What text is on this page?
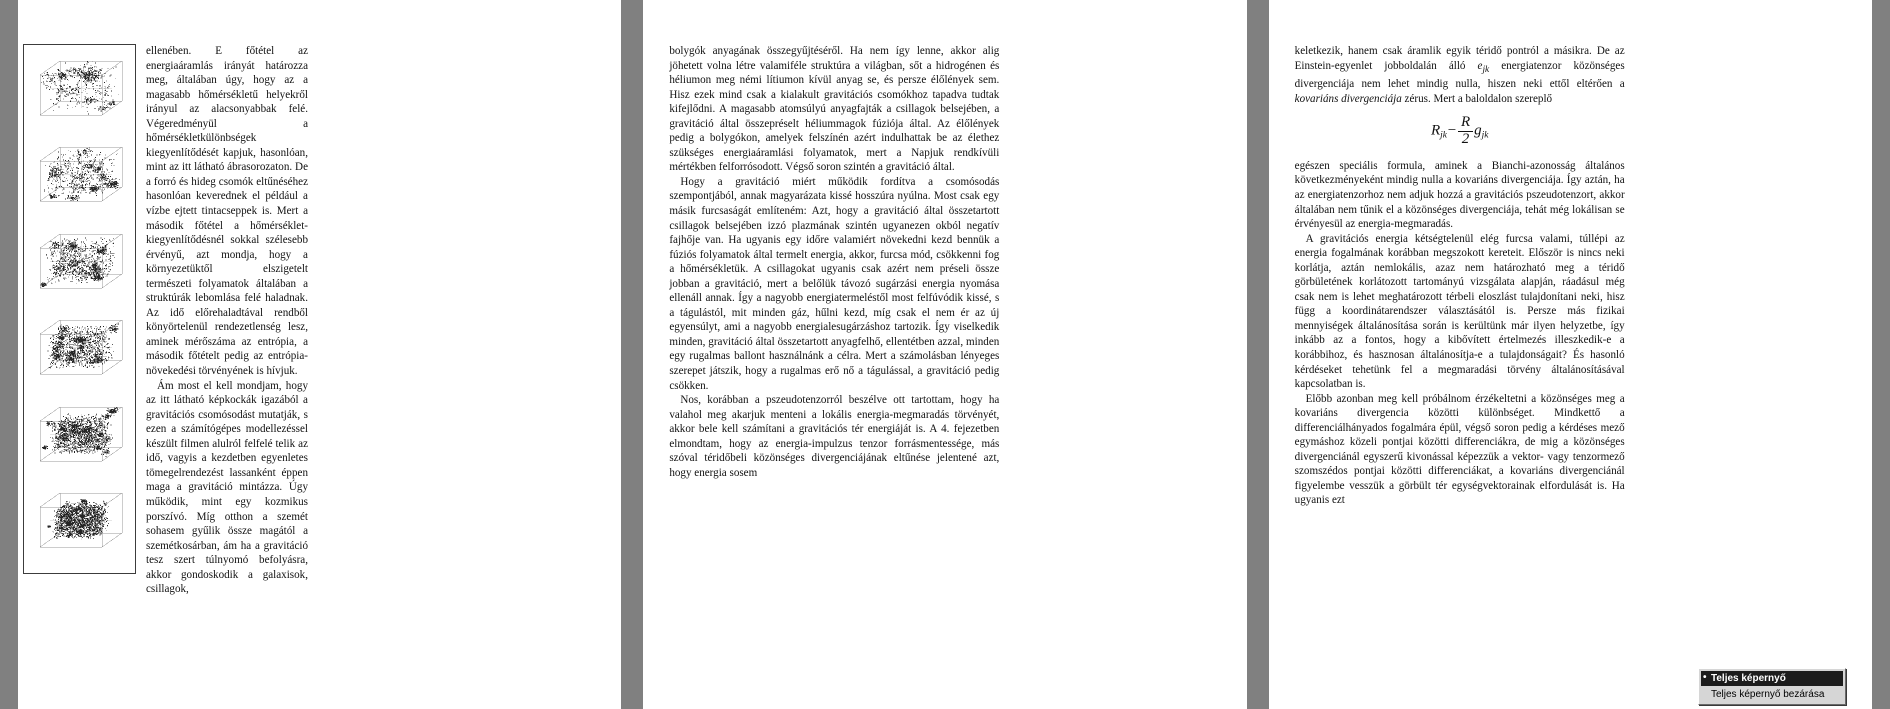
ellenében. E főtétel az energiaáramlás irányát határozza meg, általában úgy, hogy az a magasabb hőmérsékletű helyekről irányul az alacsonyabbak felé. Végeredményül a hőmérsékletkülönbségek kiegyenlítődését kapjuk, hasonlóan, mint az itt látható ábrasorozaton. De a forró és hideg csomók eltűnéséhez hasonlóan keverednek el például a vízbe ejtett tintacseppek is. Mert a második főtétel a hőmérséklet-kiegyenlítődésnél sokkal szélesebb érvényű, azt mondja, hogy a környezetüktől elszigetelt természeti folyamatok általában a struktúrák lebomlása felé haladnak. Az idő előrehaladtával rendből könyörtelenül rendezetlenség lesz, aminek mérőszáma az entrópia, a második főtételt pedig az entrópia-növekedési törvényének is hívjuk.

Ám most el kell mondjam, hogy az itt látható képkockák igazából a gravitációs csomósodást mutatják, s ezen a számítógépes modellezéssel készült filmen alulról felfelé telik az idő, vagyis a kezdetben egyenletes tömegelrendezést lassanként éppen maga a gravitáció mintázza. Úgy működik, mint egy kozmikus porszívó. Míg otthon a szemét sohasem gyűlik össze magától a szemétkosárban, ám ha a gravitáció tesz szert túlnyomó befolyásra, akkor gondoskodik a galaxisok, csillagok,

bolygók anyagának összegyűjtéséről. Ha nem így lenne, akkor alig jöhetett volna létre valamiféle struktúra a világban, sőt a hidrogénen és héliumon meg némi lítiumon kívül anyag se, és persze élőlények sem. Hisz ezek mind csak a kialakult gravitációs csomókhoz tapadva tudtak kifejlődni. A magasabb atomsúlyú anyagfajták a csillagok belsejében, a gravitáció által összepréselt héliummagok fúziója által. Az élőlények pedig a bolygókon, amelyek felszínén azért indulhattak be az élethez szükséges energiaáramlási folyamatok, mert a Napjuk rendkívüli mértékben felforrósodott. Végső soron szintén a gravitáció által.

Hogy a gravitáció miért működik fordítva a csomósodás szempontjából, annak magyarázata kissé hosszúra nyúlna. Most csak egy másik furcsaságát említeném: Azt, hogy a gravitáció által összetartott csillagok belsejében izzó plazmának szintén ugyanezen okból negatív fajhője van. Ha ugyanis egy időre valamiért növekedni kezd bennük a fúziós folyamatok által termelt energia, akkor, furcsa mód, csökkenni fog a hőmérsékletük. A csillagokat ugyanis csak azért nem préseli össze jobban a gravitáció, mert a belőlük távozó sugárzási energia nyomása ellenáll annak. Így a nagyobb energiatermeléstől most felfúvódik kissé, s a tágulástól, mit minden gáz, hűlni kezd, míg csak el nem ér az új egyensúlyt, ami a nagyobb energialesugárzáshoz tartozik. Így viselkedik minden, gravitáció által összetartott anyagfelhő, ellentétben azzal, minden egy rugalmas ballont használnánk a célra. Mert a számolásban lényeges szerepet játszik, hogy a rugalmas erő nő a tágulással, a gravitáció pedig csökken.

Nos, korábban a pszeudotenzorról beszélve ott tartottam, hogy ha valahol meg akarjuk menteni a lokális energia-megmaradás törvényét, akkor bele kell számítani a gravitációs tér energiáját is. A 4. fejezetben elmondtam, hogy az energia-impulzus tenzor forrásmentessége, más szóval téridőbeli közönséges divergenciájának eltűnése jelentené azt, hogy energia sosem

keletkezik, hanem csak áramlik egyik téridő pontról a másikra. De az Einstein-egyenlet jobboldalán álló $e_{jk}$ energiatenzor közönséges divergenciája nem lehet mindig nulla, hiszen neki ettől eltérően a kovariáns divergenciája zérus. Mert a baloldalon szereplő

$R_{jk}- \frac{R}{2} g_{jk}$

egészen speciális formula, aminek a Bianchi-azonosság általános következményeként mindig nulla a kovariáns divergenciája. Így aztán, ha az energiatenzorhoz nem adjuk hozzá a gravitációs pszeudotenzort, akkor általában nem tűnik el a közönséges divergenciája, tehát még lokálisan se érvényesül az energia-megmaradás.

A gravitációs energia kétségtelenül elég furcsa valami, túllépi az energia fogalmának korábban megszokott kereteit. Először is nincs neki korlátja, aztán nemlokális, azaz nem határozható meg a téridő görbületének korlátozott tartományú vizsgálata alapján, ráadásul még csak nem is lehet meghatározott térbeli eloszlást tulajdonítani neki, hisz függ a koordinátarendszer választásától is. Persze más fizikai mennyiségek általánosítása során is kerültünk már ilyen helyzetbe, így inkább az a fontos, hogy a kibővített értelmezés illeszkedik-e a korábbihoz, és hasznosan általánosítja-e a tulajdonságait? És hasonló kérdéseket tehetünk fel a megmaradási törvény általánosításával kapcsolatban is.

Előbb azonban meg kell próbálnom érzékeltetni a közönséges meg a kovariáns divergencia közötti különbséget. Mindkettő a differenciálhányados fogalmára épül, végső soron pedig a kérdéses mező egymáshoz közeli pontjai közötti differenciákra, de mig a közönséges divergenciánál egyszerű kivonással képezzük a vektor- vagy tenzormező szomszédos pontjai közötti differenciákat, a kovariáns divergenciánál figyelembe vesszük a görbült tér egységvektorainak elfordulását is. Ha ugyanis ezt

• Teljes képernyő
Teljes képernyő bezárása
